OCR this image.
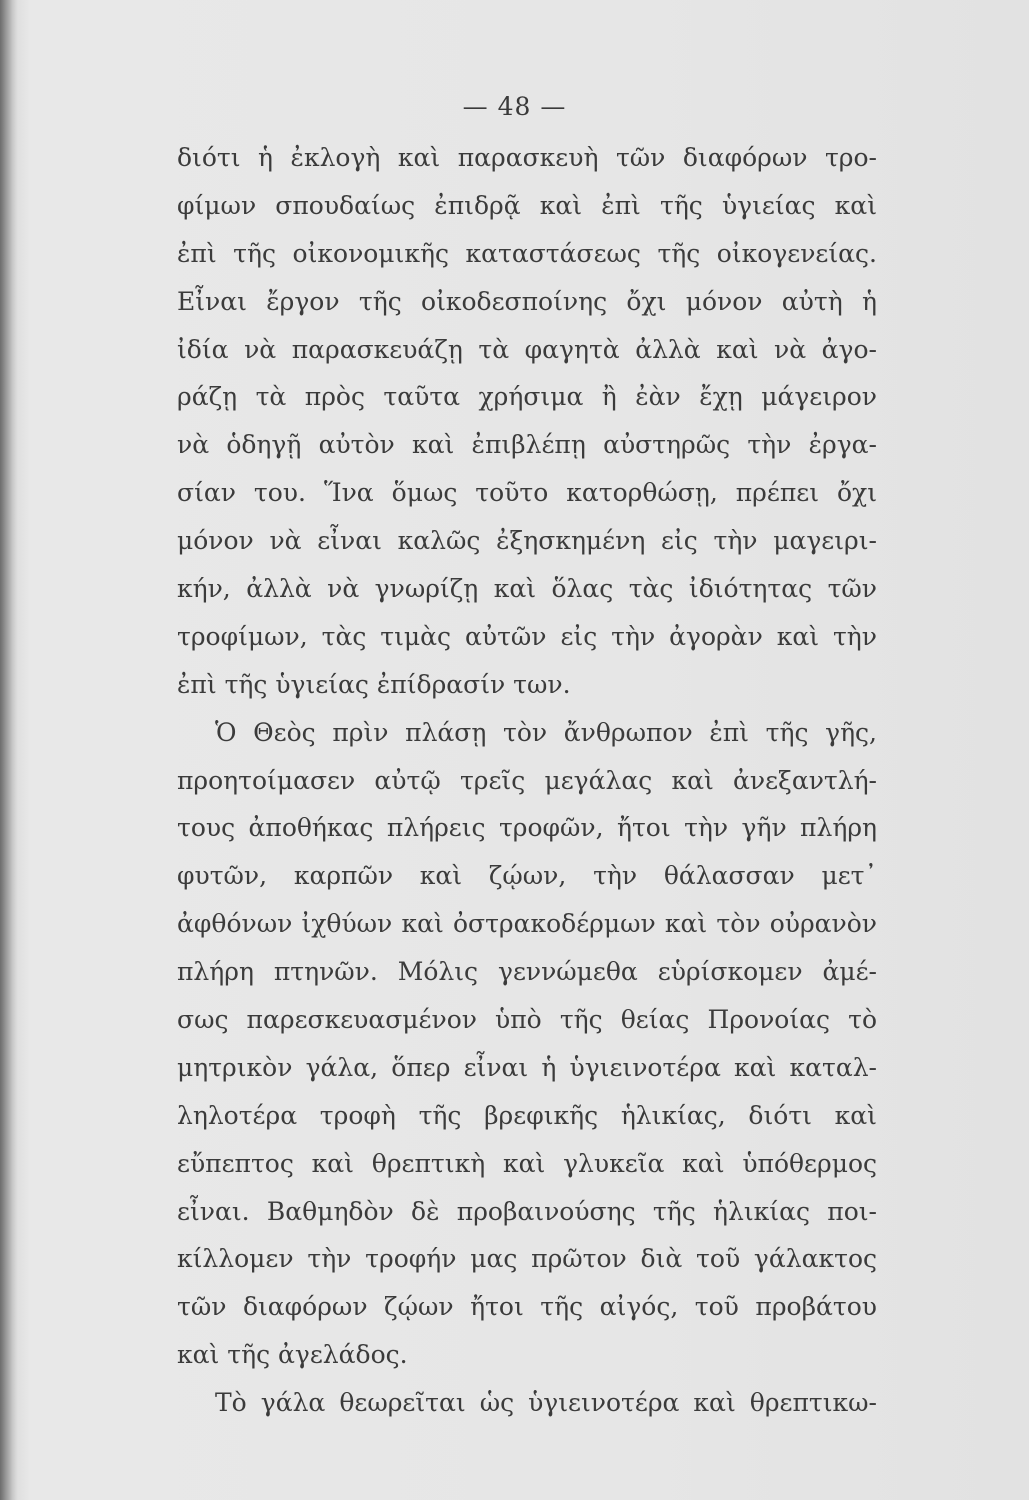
— 48 —
διότι ἡ ἐκλογὴ καὶ παρασκευὴ τῶν διαφόρων τρο-
φίμων σπουδαίως ἐπιδρᾷ καὶ ἐπὶ τῆς ὑγιείας καὶ
ἐπὶ τῆς οἰκονομικῆς καταστάσεως τῆς οἰκογενείας.
Εἶναι ἔργον τῆς οἰκοδεσποίνης ὄχι μόνον αὐτὴ ἡ
ἰδία νὰ παρασκευάζῃ τὰ φαγητὰ ἀλλὰ καὶ νὰ ἀγο-
ράζῃ τὰ πρὸς ταῦτα χρήσιμα ἢ ἐὰν ἔχῃ μάγειρον
νὰ ὁδηγῇ αὐτὸν καὶ ἐπιβλέπῃ αὐστηρῶς τὴν ἐργα-
σίαν του. Ἵνα ὅμως τοῦτο κατορθώσῃ, πρέπει ὄχι
μόνον νὰ εἶναι καλῶς ἐξησκημένη εἰς τὴν μαγειρι-
κήν, ἀλλὰ νὰ γνωρίζῃ καὶ ὅλας τὰς ἰδιότητας τῶν
τροφίμων, τὰς τιμὰς αὐτῶν εἰς τὴν ἀγορὰν καὶ τὴν
ἐπὶ τῆς ὑγιείας ἐπίδρασίν των.
Ὁ Θεὸς πρὶν πλάσῃ τὸν ἄνθρωπον ἐπὶ τῆς γῆς,
προητοίμασεν αὐτῷ τρεῖς μεγάλας καὶ ἀνεξαντλή-
τους ἀποθήκας πλήρεις τροφῶν, ἤτοι τὴν γῆν πλήρη
φυτῶν, καρπῶν καὶ ζῴων, τὴν θάλασσαν μετ᾽
ἀφθόνων ἰχθύων καὶ ὀστρακοδέρμων καὶ τὸν οὐρανὸν
πλήρη πτηνῶν. Μόλις γεννώμεθα εὑρίσκομεν ἀμέ-
σως παρεσκευασμένον ὑπὸ τῆς θείας Προνοίας τὸ
μητρικὸν γάλα, ὅπερ εἶναι ἡ ὑγιεινοτέρα καὶ καταλ-
ληλοτέρα τροφὴ τῆς βρεφικῆς ἡλικίας, διότι καὶ
εὔπεπτος καὶ θρεπτικὴ καὶ γλυκεῖα καὶ ὑπόθερμος
εἶναι. Βαθμηδὸν δὲ προβαινούσης τῆς ἡλικίας ποι-
κίλλομεν τὴν τροφήν μας πρῶτον διὰ τοῦ γάλακτος
τῶν διαφόρων ζῴων ἤτοι τῆς αἰγός, τοῦ προβάτου
καὶ τῆς ἀγελάδος.
Τὸ γάλα θεωρεῖται ὡς ὑγιεινοτέρα καὶ θρεπτικω-
